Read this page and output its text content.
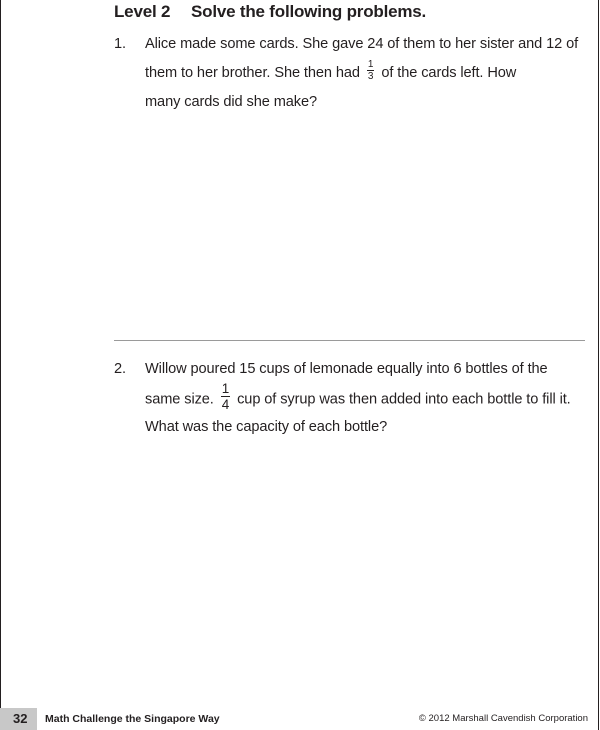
Level 2 Solve the following problems.
1. Alice made some cards. She gave 24 of them to her sister and 12 of
them to her brother. She then had $\frac{1}{3}$ of the cards left. How
many cards did she make?
2. Willow poured 15 cups of lemonade equally into 6 bottles of the
same size. $\frac{1}{4}$ cup of syrup was then added into each bottle to fill it.
What was the capacity of each bottle?
32	Math Challenge the Singapore Way	© 2012 Marshall Cavendish Corporation
